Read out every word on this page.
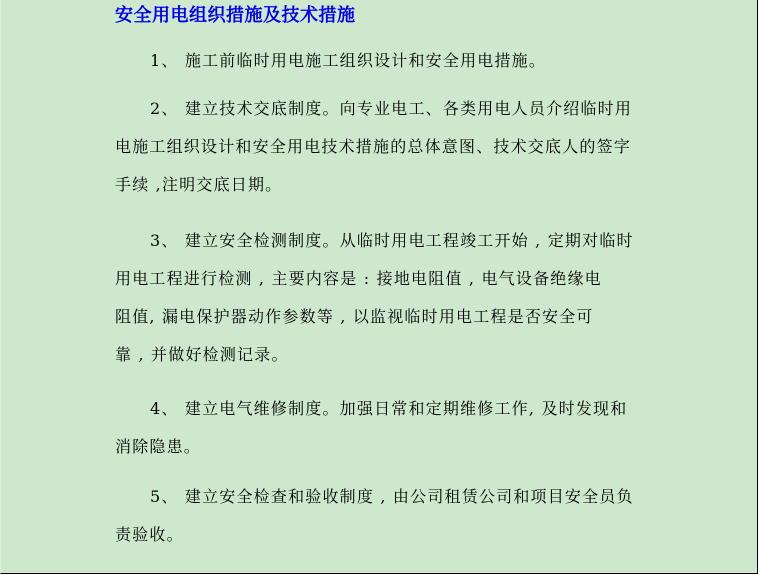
安全用电组织措施及技术措施
1、 施工前临时用电施工组织设计和安全用电措施。
2、 建立技术交底制度。向专业电工、各类用电人员介绍临时用
电施工组织设计和安全用电技术措施的总体意图、技术交底人的签字
手续 ,注明交底日期。
3、 建立安全检测制度。从临时用电工程竣工开始 , 定期对临时
用电工程进行检测 , 主要内容是 : 接地电阻值 , 电气设备绝缘电
阻值, 漏电保护器动作参数等 , 以监视临时用电工程是否安全可
靠 , 并做好检测记录。
4、 建立电气维修制度。加强日常和定期维修工作, 及时发现和
消除隐患。
5、 建立安全检查和验收制度 , 由公司租赁公司和项目安全员负
责验收。
